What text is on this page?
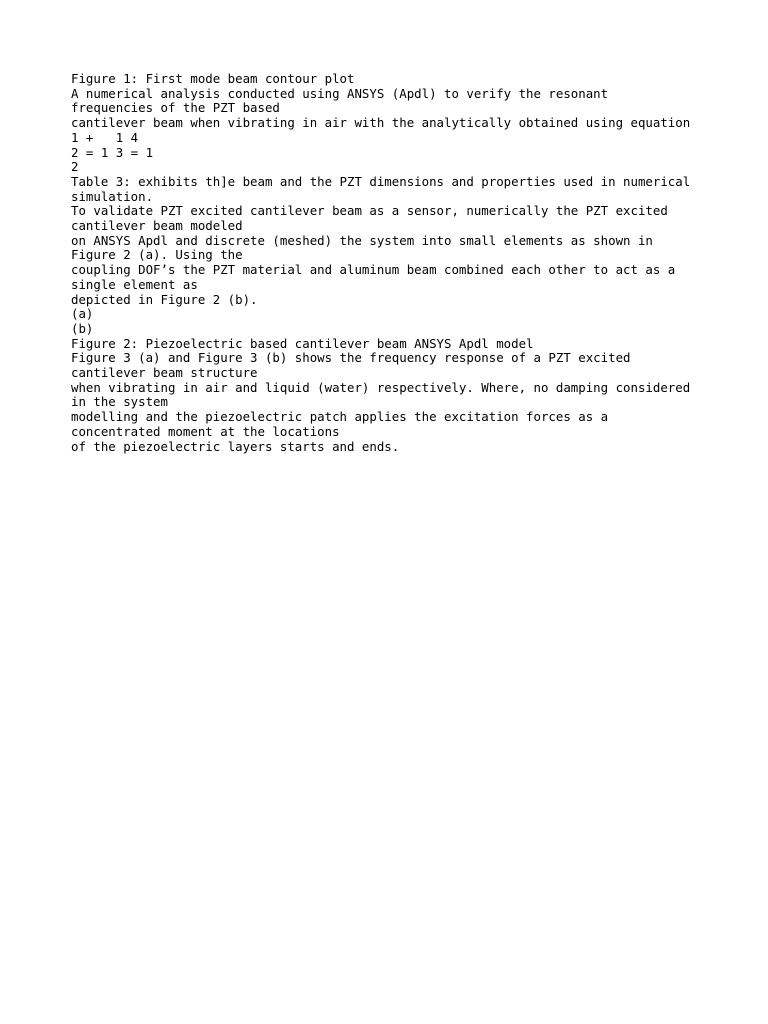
Figure 1: First mode beam contour plot
A numerical analysis conducted using ANSYS (Apdl) to verify the resonant
frequencies of the PZT based
cantilever beam when vibrating in air with the analytically obtained using equation
1 +   1 4
2 = 1 3 = 1
2
Table 3: exhibits th]e beam and the PZT dimensions and properties used in numerical
simulation.
To validate PZT excited cantilever beam as a sensor, numerically the PZT excited
cantilever beam modeled
on ANSYS Apdl and discrete (meshed) the system into small elements as shown in
Figure 2 (a). Using the
coupling DOF’s the PZT material and aluminum beam combined each other to act as a
single element as
depicted in Figure 2 (b).
(a)
(b)
Figure 2: Piezoelectric based cantilever beam ANSYS Apdl model
Figure 3 (a) and Figure 3 (b) shows the frequency response of a PZT excited
cantilever beam structure
when vibrating in air and liquid (water) respectively. Where, no damping considered
in the system
modelling and the piezoelectric patch applies the excitation forces as a
concentrated moment at the locations
of the piezoelectric layers starts and ends.
